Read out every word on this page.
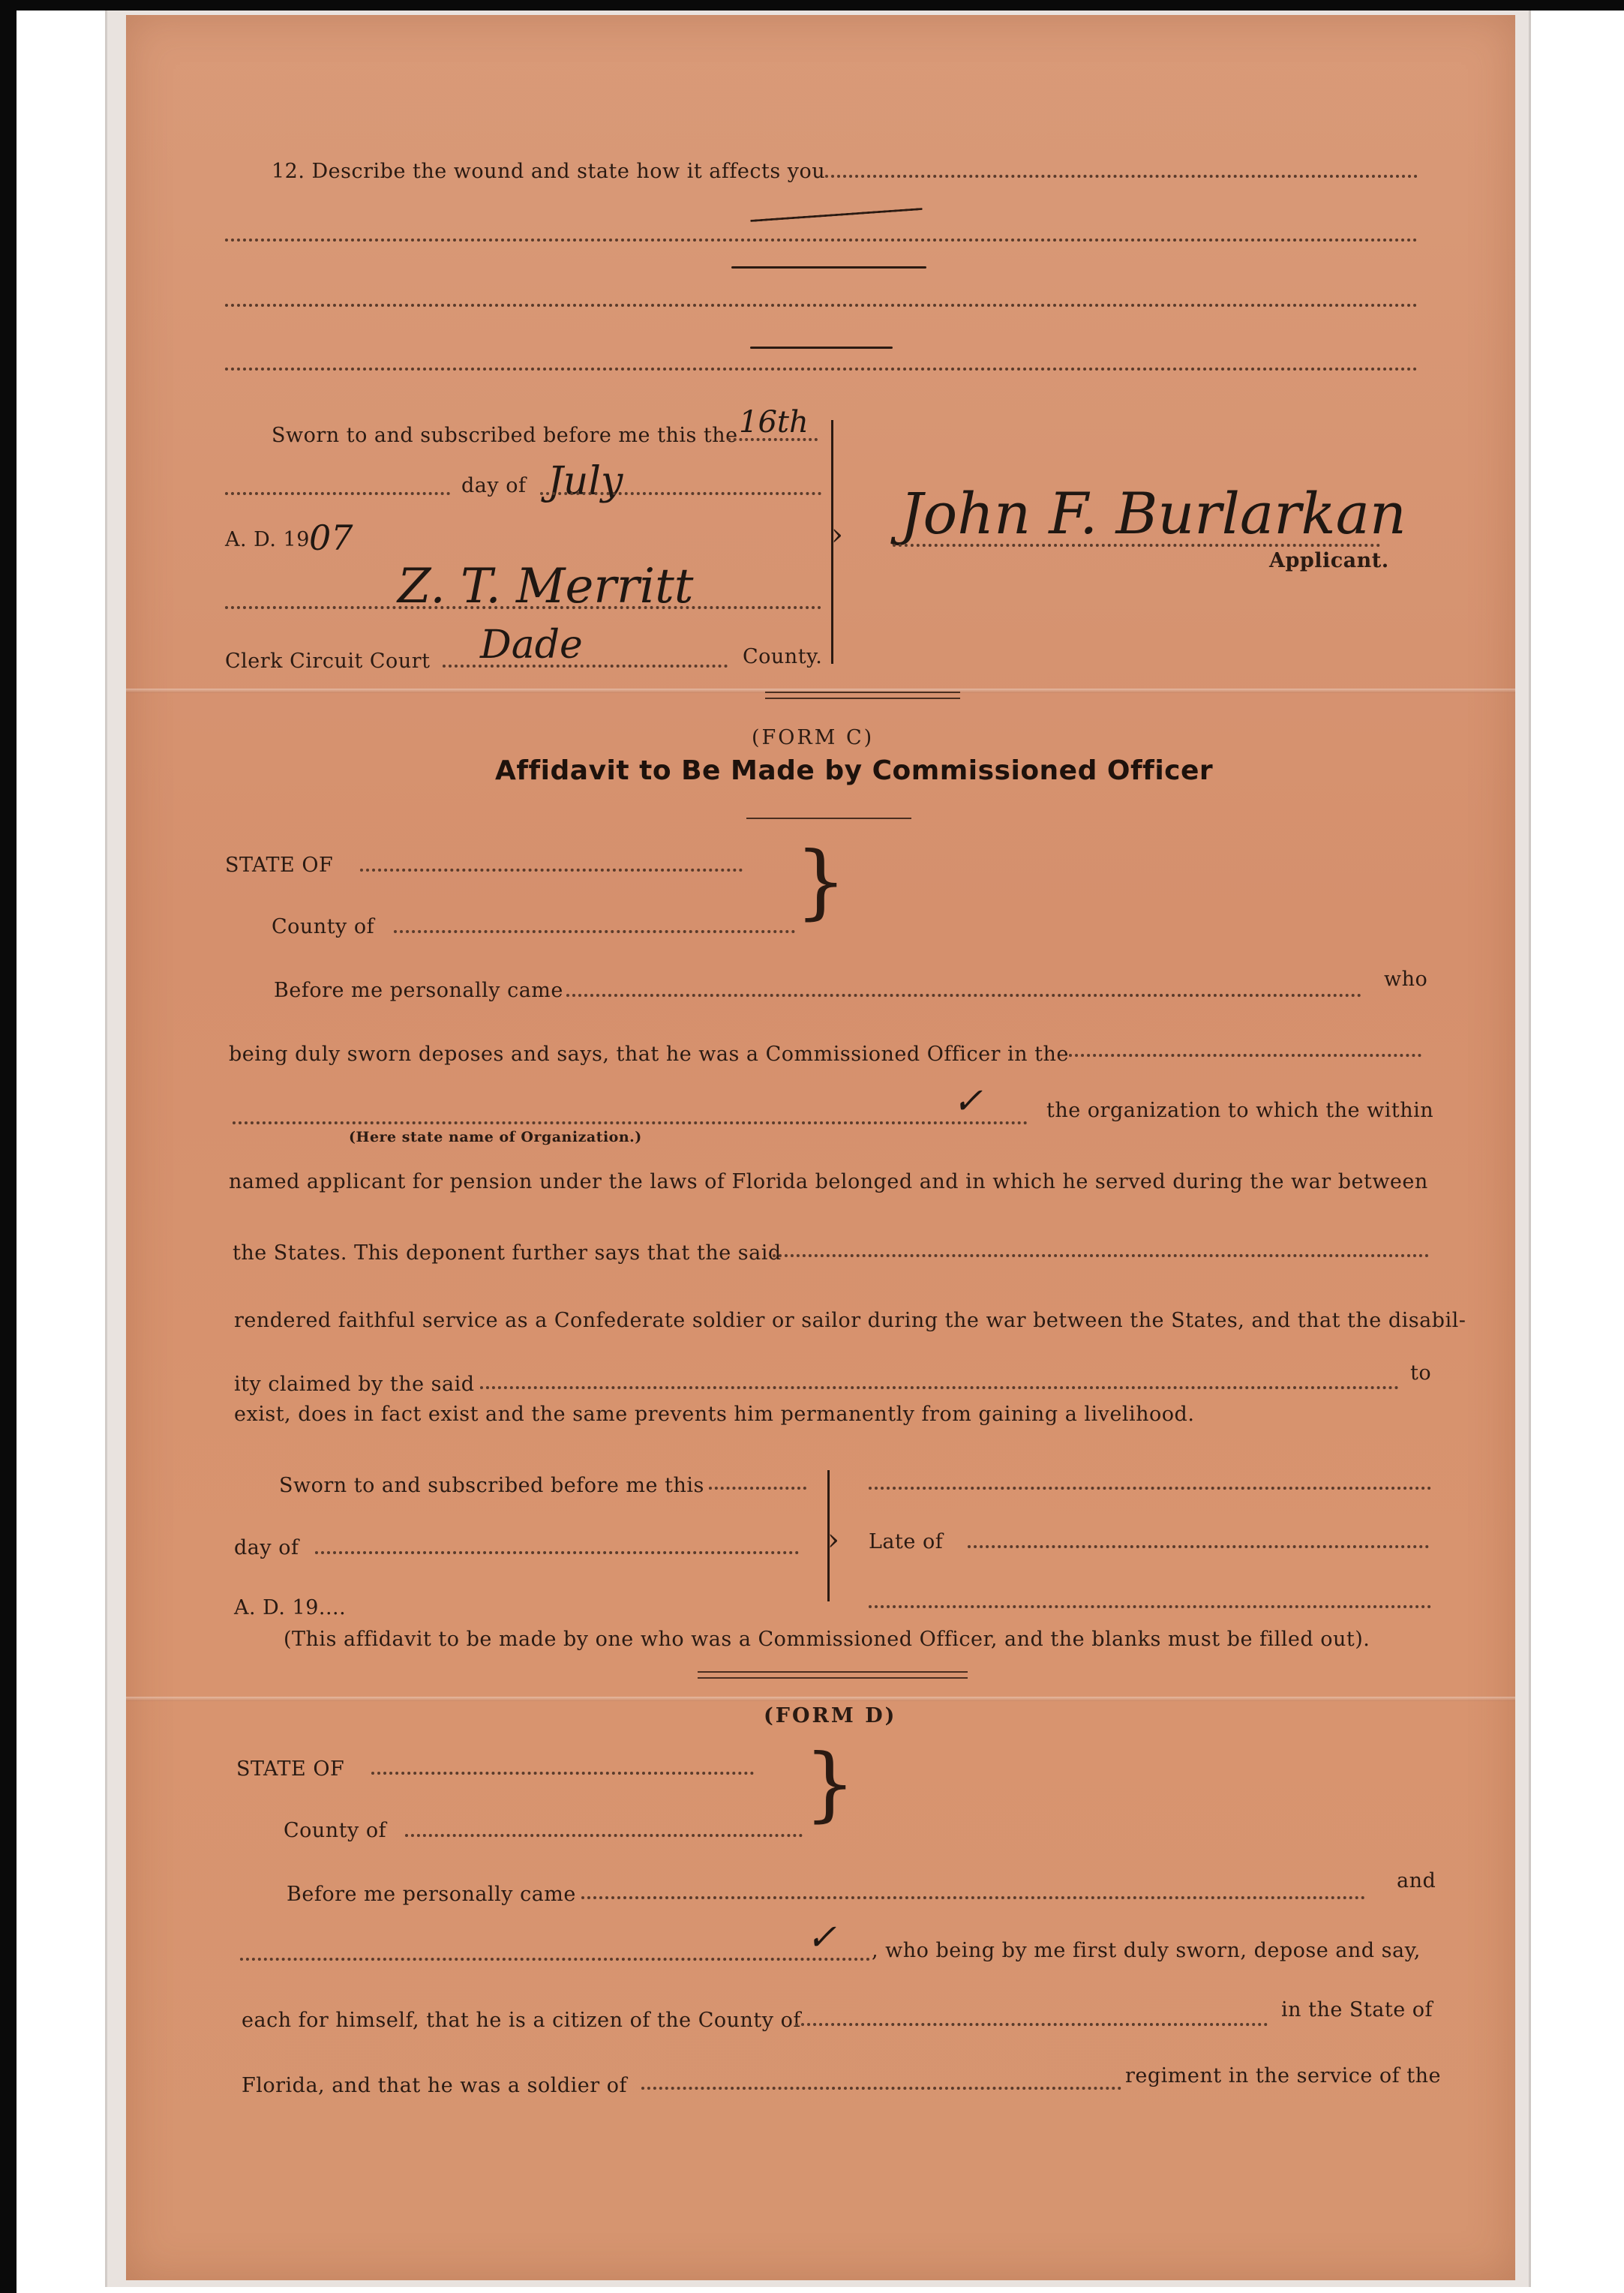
12. Describe the wound and state how it affects you
Sworn to and subscribed before me this the 16th
day of July
A. D. 19 07
Z. T. Merritt
Clerk Circuit Court Dade	County.
› John F. Burlarkan
Applicant.
(FORM C)
Affidavit to Be Made by Commissioned Officer
STATE OF
County of	}
Before me personally came	who
being duly sworn deposes and says, that he was a Commissioned Officer in the
✓	the organization to which the within
(Here state name of Organization.)
named applicant for pension under the laws of Florida belonged and in which he served during the war between
the States. This deponent further says that the said
rendered faithful service as a Confederate soldier or sailor during the war between the States, and that the disabil-
ity claimed by the said	to
exist, does in fact exist and the same prevents him permanently from gaining a livelihood.
Sworn to and subscribed before me this
day of
A. D. 19....
› Late of
(This affidavit to be made by one who was a Commissioned Officer, and the blanks must be filled out).
(FORM D)
STATE OF
County of	}
Before me personally came
and
✓ , who being by me first duly sworn, depose and say,
each for himself, that he is a citizen of the County of	in the State of
Florida, and that he was a soldier of	regiment in the service of the
